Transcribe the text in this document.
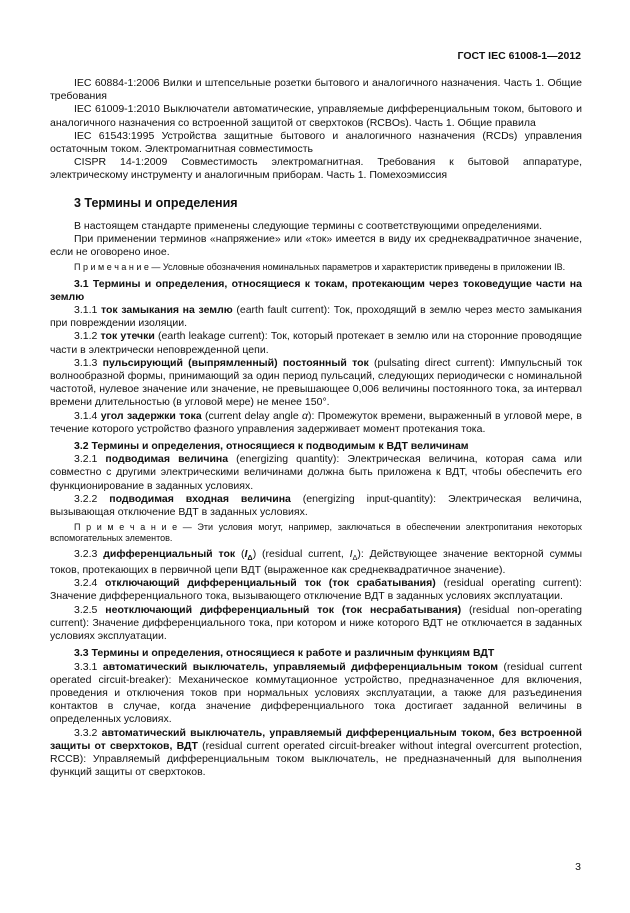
ГОСТ IEC 61008-1—2012

IEC 60884-1:2006 Вилки и штепсельные розетки бытового и аналогичного назначения. Часть 1. Общие требования

IEC 61009-1:2010 Выключатели автоматические, управляемые дифференциальным током, бытового и аналогичного назначения со встроенной защитой от сверхтоков (RCBOs). Часть 1. Общие правила

IEC 61543:1995 Устройства защитные бытового и аналогичного назначения (RCDs) управления остаточным током. Электромагнитная совместимость

CISPR 14-1:2009 Совместимость электромагнитная. Требования к бытовой аппаратуре, электрическому инструменту и аналогичным приборам. Часть 1. Помехоэмиссия

3 Термины и определения

В настоящем стандарте применены следующие термины с соответствующими определениями.

При применении терминов «напряжение» или «ток» имеется в виду их среднеквадратичное значение, если не оговорено иное.

П р и м е ч а н и е — Условные обозначения номинальных параметров и характеристик приведены в приложении IB.

3.1 Термины и определения, относящиеся к токам, протекающим через токоведущие части на землю

3.1.1 ток замыкания на землю (earth fault current): Ток, проходящий в землю через место замыкания при повреждении изоляции.

3.1.2 ток утечки (earth leakage current): Ток, который протекает в землю или на сторонние проводящие части в электрически неповрежденной цепи.

3.1.3 пульсирующий (выпрямленный) постоянный ток (pulsating direct current): Импульсный ток волнообразной формы, принимающий за один период пульсаций, следующих периодически с номинальной частотой, нулевое значение или значение, не превышающее 0,006 величины постоянного тока, за интервал времени длительностью (в угловой мере) не менее 150°.

3.1.4 угол задержки тока (current delay angle α): Промежуток времени, выраженный в угловой мере, в течение которого устройство фазного управления задерживает момент протекания тока.

3.2 Термины и определения, относящиеся к подводимым к ВДТ величинам

3.2.1 подводимая величина (energizing quantity): Электрическая величина, которая сама или совместно с другими электрическими величинами должна быть приложена к ВДТ, чтобы обеспечить его функционирование в заданных условиях.

3.2.2 подводимая входная величина (energizing input-quantity): Электрическая величина, вызывающая отключение ВДТ в заданных условиях.

П р и м е ч а н и е — Эти условия могут, например, заключаться в обеспечении электропитания некоторых вспомогательных элементов.

3.2.3 дифференциальный ток $(I_\Delta)$ (residual current, $I_\Delta$): Действующее значение векторной суммы токов, протекающих в первичной цепи ВДТ (выраженное как среднеквадратичное значение).

3.2.4 отключающий дифференциальный ток (ток срабатывания) (residual operating current): Значение дифференциального тока, вызывающего отключение ВДТ в заданных условиях эксплуатации.

3.2.5 неотключающий дифференциальный ток (ток несрабатывания) (residual non-operating current): Значение дифференциального тока, при котором и ниже которого ВДТ не отключается в заданных условиях эксплуатации.

3.3 Термины и определения, относящиеся к работе и различным функциям ВДТ

3.3.1 автоматический выключатель, управляемый дифференциальным током (residual current operated circuit-breaker): Механическое коммутационное устройство, предназначенное для включения, проведения и отключения токов при нормальных условиях эксплуатации, а также для разъединения контактов в случае, когда значение дифференциального тока достигает заданной величины в определенных условиях.

3.3.2 автоматический выключатель, управляемый дифференциальным током, без встроенной защиты от сверхтоков, ВДТ (residual current operated circuit-breaker without integral overcurrent protection, RCCB): Управляемый дифференциальным током выключатель, не предназначенный для выполнения функций защиты от сверхтоков.

3
